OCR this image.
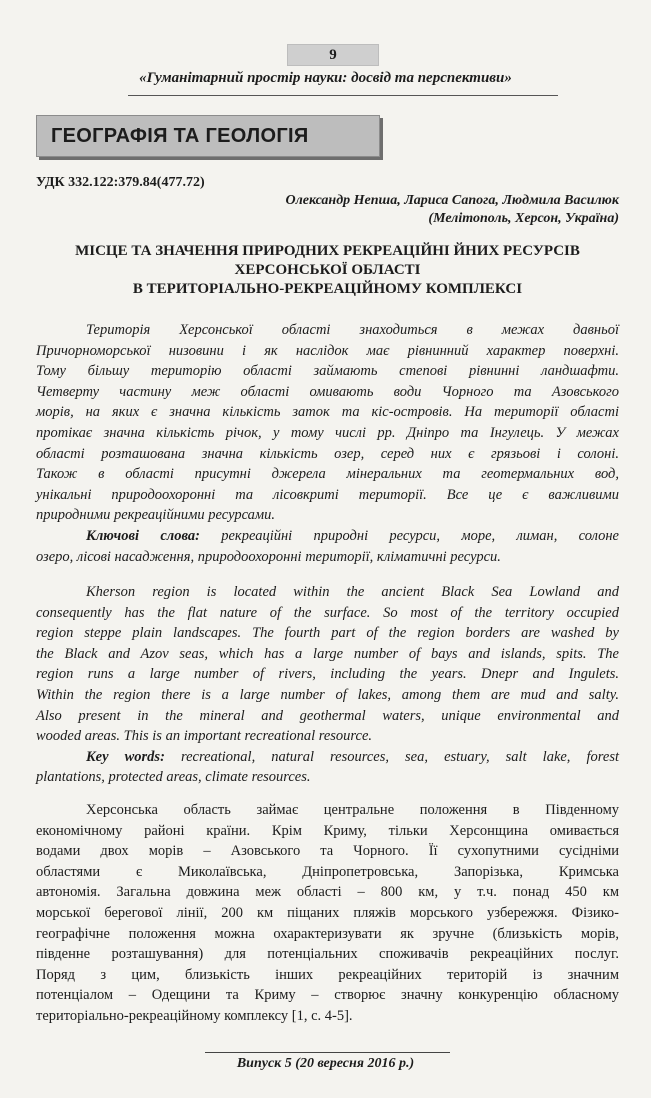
9
«Гуманітарний простір науки: досвід та перспективи»
ГЕОГРАФІЯ ТА ГЕОЛОГІЯ
УДК 332.122:379.84(477.72)
Олександр Непша, Лариса Сапога, Людмила Василюк
(Мелітополь, Херсон, Україна)
МІСЦЕ ТА ЗНАЧЕННЯ ПРИРОДНИХ РЕКРЕАЦІЙНІ ЙНИХ РЕСУРСІВ
ХЕРСОНСЬКОЇ ОБЛАСТІ
В ТЕРИТОРІАЛЬНО-РЕКРЕАЦІЙНОМУ КОМПЛЕКСІ
Територія Херсонської області знаходиться в межах давньої
Причорноморської низовини і як наслідок має рівнинний характер поверхні.
Тому більшу територію області займають степові рівнинні ландшафти.
Четверту частину меж області омивають води Чорного та Азовського
морів, на яких є значна кількість заток та кіс-островів. На території області
протікає значна кількість річок, у тому числі рр. Дніпро та Інгулець. У межах
області розташована значна кількість озер, серед них є грязьові і солоні.
Також в області присутні джерела мінеральних та геотермальних вод,
унікальні природоохоронні та лісовкриті території. Все це є важливими
природними рекреаційними ресурсами.
Ключові слова: рекреаційні природні ресурси, море, лиман, солоне
озеро, лісові насадження, природоохоронні території, кліматичні ресурси.
Kherson region is located within the ancient Black Sea Lowland and
consequently has the flat nature of the surface. So most of the territory occupied
region steppe plain landscapes. The fourth part of the region borders are washed by
the Black and Azov seas, which has a large number of bays and islands, spits. The
region runs a large number of rivers, including the years. Dnepr and Ingulets.
Within the region there is a large number of lakes, among them are mud and salty.
Also present in the mineral and geothermal waters, unique environmental and
wooded areas. This is an important recreational resource.
Key words: recreational, natural resources, sea, estuary, salt lake, forest
plantations, protected areas, climate resources.
Херсонська область займає центральне положення в Південному
економічному районі країни. Крім Криму, тільки Херсонщина омивається
водами двох морів – Азовського та Чорного. Її сухопутними сусідніми
областями є Миколаївська, Дніпропетровська, Запорізька, Кримська
автономія. Загальна довжина меж області – 800 км, у т.ч. понад 450 км
морської берегової лінії, 200 км піщаних пляжів морського узбережжя. Фізико-
географічне положення можна охарактеризувати як зручне (близькість морів,
південне розташування) для потенціальних споживачів рекреаційних послуг.
Поряд з цим, близькість інших рекреаційних територій із значним
потенціалом – Одещини та Криму – створює значну конкуренцію обласному
територіально-рекреаційному комплексу [1, с. 4-5].
Випуск 5 (20 вересня 2016 р.)
